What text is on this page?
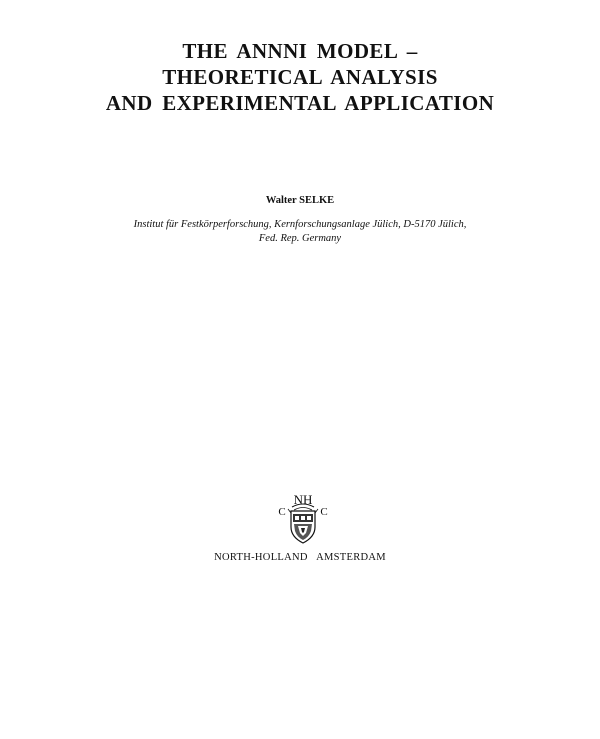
THE ANNNI MODEL –
THEORETICAL ANALYSIS
AND EXPERIMENTAL APPLICATION
Walter SELKE
Institut für Festkörperforschung, Kernforschungsanlage Jülich, D-5170 Jülich,
Fed. Rep. Germany
NH
C	C
NORTH-HOLLAND AMSTERDAM
